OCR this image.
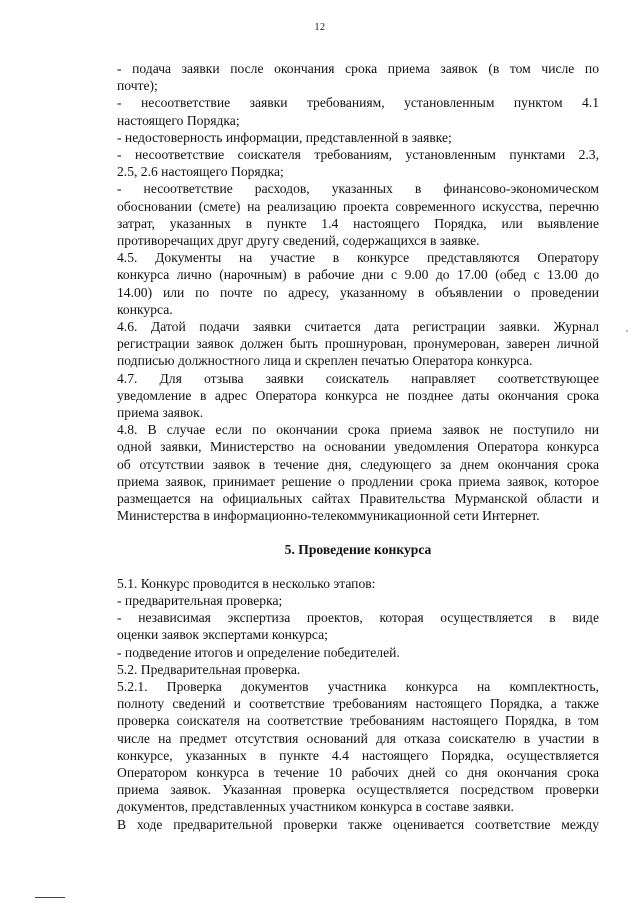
12
- подача заявки после окончания срока приема заявок (в том числе по
почте);
- несоответствие заявки требованиям, установленным пунктом 4.1
настоящего Порядка;
- недостоверность информации, представленной в заявке;
- несоответствие соискателя требованиям, установленным пунктами 2.3,
2.5, 2.6 настоящего Порядка;
- несоответствие расходов, указанных в финансово-экономическом
обосновании (смете) на реализацию проекта современного искусства, перечню
затрат, указанных в пункте 1.4 настоящего Порядка, или выявление
противоречащих друг другу сведений, содержащихся в заявке.
4.5. Документы на участие в конкурсе представляются Оператору
конкурса лично (нарочным) в рабочие дни с 9.00 до 17.00 (обед с 13.00 до
14.00) или по почте по адресу, указанному в объявлении о проведении
конкурса.
4.6. Датой подачи заявки считается дата регистрации заявки. Журнал
регистрации заявок должен быть прошнурован, пронумерован, заверен личной
подписью должностного лица и скреплен печатью Оператора конкурса.
4.7. Для отзыва заявки соискатель направляет соответствующее
уведомление в адрес Оператора конкурса не позднее даты окончания срока
приема заявок.
4.8. В случае если по окончании срока приема заявок не поступило ни
одной заявки, Министерство на основании уведомления Оператора конкурса
об отсутствии заявок в течение дня, следующего за днем окончания срока
приема заявок, принимает решение о продлении срока приема заявок, которое
размещается на официальных сайтах Правительства Мурманской области и
Министерства в информационно-телекоммуникационной сети Интернет.
5. Проведение конкурса
5.1. Конкурс проводится в несколько этапов:
- предварительная проверка;
- независимая экспертиза проектов, которая осуществляется в виде
оценки заявок экспертами конкурса;
- подведение итогов и определение победителей.
5.2. Предварительная проверка.
5.2.1. Проверка документов участника конкурса на комплектность,
полноту сведений и соответствие требованиям настоящего Порядка, а также
проверка соискателя на соответствие требованиям настоящего Порядка, в том
числе на предмет отсутствия оснований для отказа соискателю в участии в
конкурсе, указанных в пункте 4.4 настоящего Порядка, осуществляется
Оператором конкурса в течение 10 рабочих дней со дня окончания срока
приема заявок. Указанная проверка осуществляется посредством проверки
документов, представленных участником конкурса в составе заявки.
В ходе предварительной проверки также оценивается соответствие между
